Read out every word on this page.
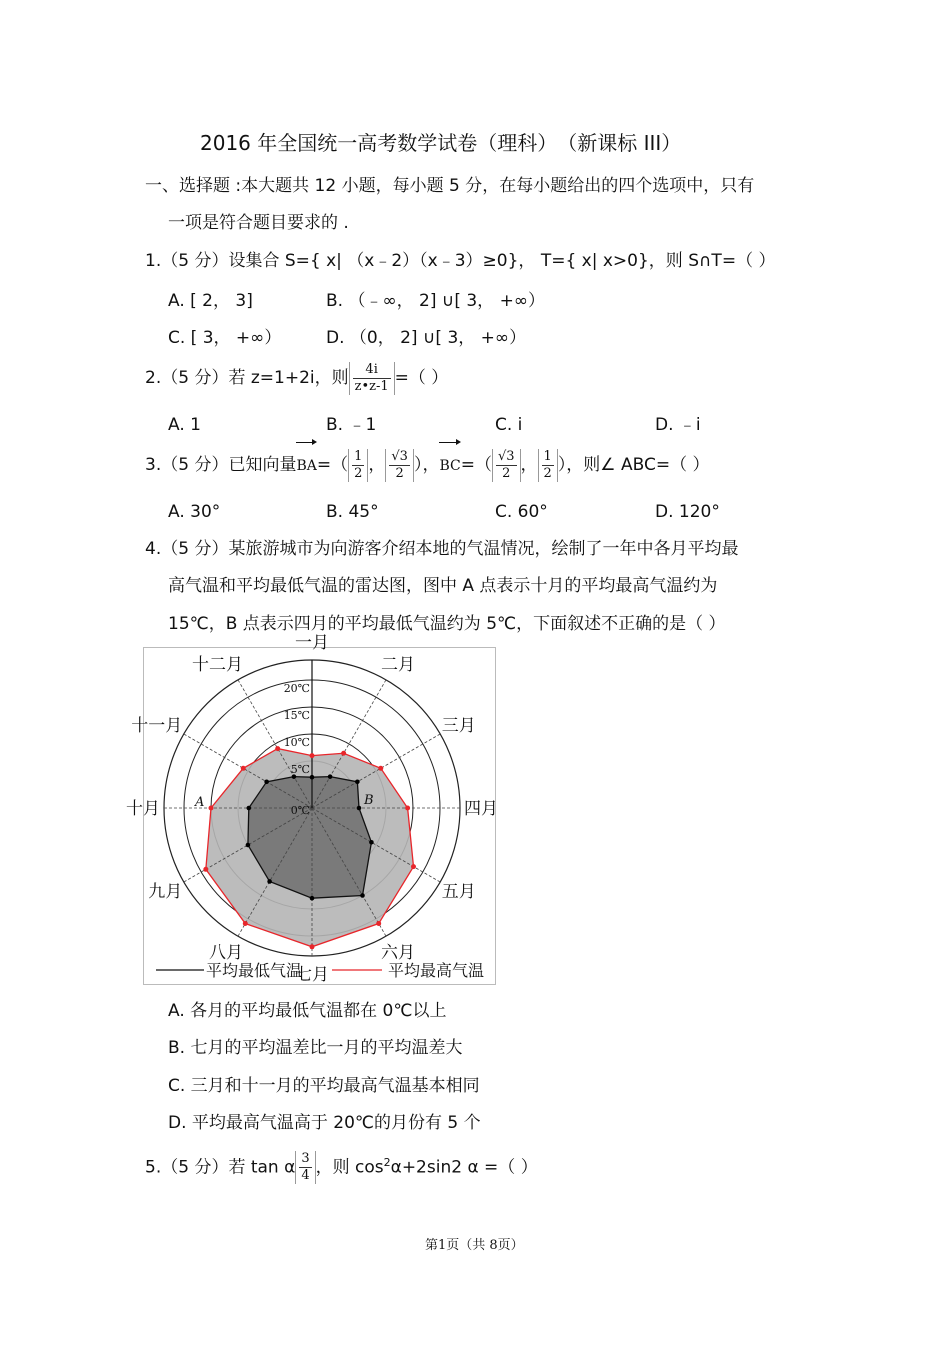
2016 年全国统一高考数学试卷（理科）　（新课标 III）
一、选择题 :本大题共 12 小题，每小题 5 分，在每小题给出的四个选项中，只有
一项是符合题目要求的 .
1.（5 分）设集合 S={ x| （x﹣2）（x﹣3）≥0}， T={ x| x>0}，则 S∩T=（ ）
A. [ 2， 3]	B. （﹣∞， 2] ∪[ 3， +∞）
C. [ 3， +∞）	D. （0， 2] ∪[ 3， +∞）
2.（5 分）若 z=1+2i，则 $\frac{4i}{z•z-1}$ =（ ）
A. 1	B. ﹣1	C. i	D. ﹣i
3.（5 分）已知向量$BA=( \frac{1}{2}$ ， $\frac{√3}{2}$ ），$BC=( \frac{√3}{2}$ ， $\frac{1}{2}$ ），则∠ ABC=（ ）
A. 30°	B. 45°	C. 60°	D. 120°
4.（5 分）某旅游城市为向游客介绍本地的气温情况，绘制了一年中各月平均最
高气温和平均最低气温的雷达图，图中 A 点表示十月的平均最高气温约为
15℃，B 点表示四月的平均最低气温约为 5℃，下面叙述不正确的是（ ）
0℃
5℃
10℃
15℃
20℃
一月
二月
三月
四月
五月
六月
七月
八月
九月
十月
十一月
十二月
A	B
平均最低气温	平均最高气温
A. 各月的平均最低气温都在 0℃以上
B. 七月的平均温差比一月的平均温差大
C. 三月和十一月的平均最高气温基本相同
D. 平均最高气温高于 20℃的月份有 5 个
5.（5 分）若 tan α $\frac{3}{4}$ ，则 $\cos^2\alpha+2\sin 2$ α =（ ）
第1页（共 8页）
